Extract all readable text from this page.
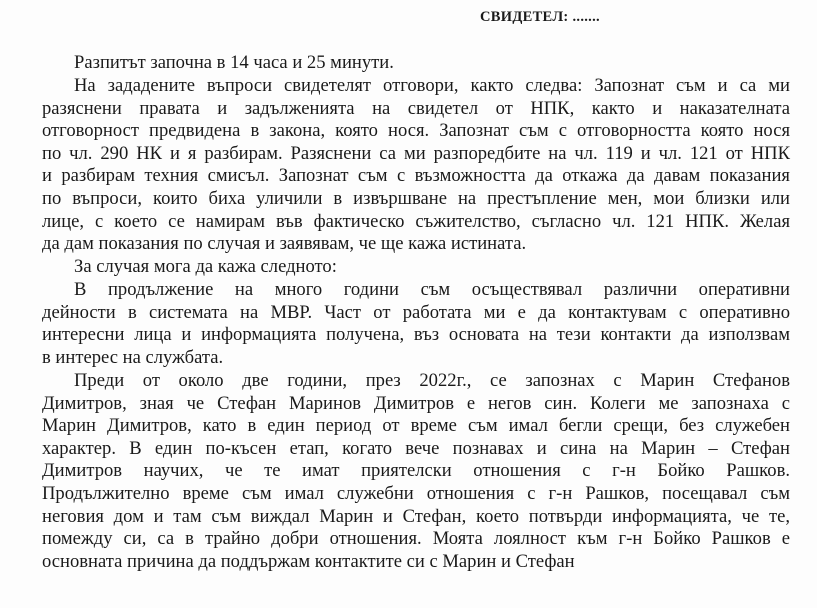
СВИДЕТЕЛ: .......

Разпитът започна в 14 часа и 25 минути.

На зададените въпроси свидетелят отговори, както следва: Запознат съм и са ми
разяснени правата и задълженията на свидетел от НПК, както и наказателната
отговорност предвидена в закона, която нося. Запознат съм с отговорността която нося
по чл. 290 НК и я разбирам. Разяснени са ми разпоредбите на чл. 119 и чл. 121 от НПК
и разбирам техния смисъл. Запознат съм с възможността да откажа да давам показания
по въпроси, които биха уличили в извършване на престъпление мен, мои близки или
лице, с което се намирам във фактическо съжителство, съгласно чл. 121 НПК. Желая
да дам показания по случая и заявявам, че ще кажа истината.

За случая мога да кажа следното:

В продължение на много години съм осъществявал различни оперативни
дейности в системата на МВР. Част от работата ми е да контактувам с оперативно
интересни лица и информацията получена, въз основата на тези контакти да използвам
в интерес на службата.

Преди от около две години, през 2022г., се запознах с Марин Стефанов
Димитров, зная че Стефан Маринов Димитров е негов син. Колеги ме запознаха с
Марин Димитров, като в един период от време съм имал бегли срещи, без служебен
характер. В един по-късен етап, когато вече познавах и сина на Марин – Стефан
Димитров научих, че те имат приятелски отношения с г-н Бойко Рашков.
Продължително време съм имал служебни отношения с г-н Рашков, посещавал съм
неговия дом и там съм виждал Марин и Стефан, което потвърди информацията, че те,
помежду си, са в трайно добри отношения. Моята лоялност към г-н Бойко Рашков е
основната причина да поддържам контактите си с Марин и Стефан
